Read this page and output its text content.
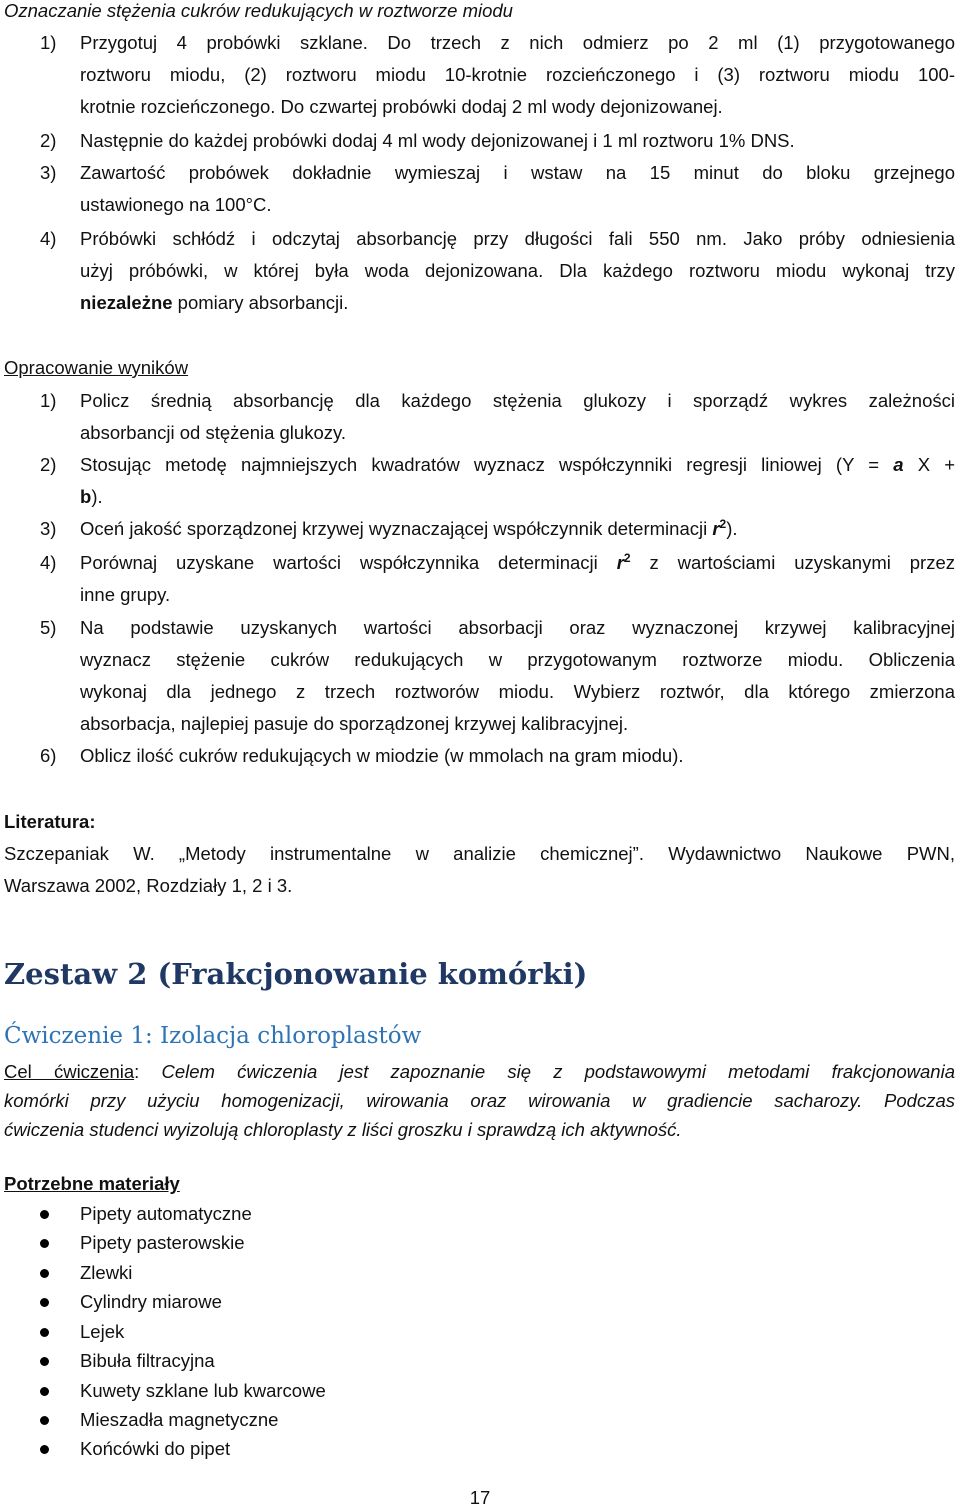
Oznaczanie stężenia cukrów redukujących w roztworze miodu
1) Przygotuj 4 probówki szklane. Do trzech z nich odmierz po 2 ml (1) przygotowanego
roztworu miodu, (2) roztworu miodu 10-krotnie rozcieńczonego i (3) roztworu miodu 100-
krotnie rozcieńczonego. Do czwartej probówki dodaj 2 ml wody dejonizowanej.
2) Następnie do każdej probówki dodaj 4 ml wody dejonizowanej i 1 ml roztworu 1% DNS.
3) Zawartość probówek dokładnie wymieszaj i wstaw na 15 minut do bloku grzejnego
ustawionego na 100°C.
4) Próbówki schłódź i odczytaj absorbancję przy długości fali 550 nm. Jako próby odniesienia
użyj próbówki, w której była woda dejonizowana. Dla każdego roztworu miodu wykonaj trzy
niezależne pomiary absorbancji.
Opracowanie wyników
1) Policz średnią absorbancję dla każdego stężenia glukozy i sporządź wykres zależności
absorbancji od stężenia glukozy.
2) Stosując metodę najmniejszych kwadratów wyznacz współczynniki regresji liniowej (Y = a X +
b).
3) Oceń jakość sporządzonej krzywej wyznaczającej współczynnik determinacji $r^2$).
4) Porównaj uzyskane wartości współczynnika determinacji $r^2$ z wartościami uzyskanymi przez
inne grupy.
5) Na podstawie uzyskanych wartości absorbacji oraz wyznaczonej krzywej kalibracyjnej
wyznacz stężenie cukrów redukujących w przygotowanym roztworze miodu. Obliczenia
wykonaj dla jednego z trzech roztworów miodu. Wybierz roztwór, dla którego zmierzona
absorbacja, najlepiej pasuje do sporządzonej krzywej kalibracyjnej.
6) Oblicz ilość cukrów redukujących w miodzie (w mmolach na gram miodu).
Literatura:
Szczepaniak W. „Metody instrumentalne w analizie chemicznej”. Wydawnictwo Naukowe PWN,
Warszawa 2002, Rozdziały 1, 2 i 3.
Zestaw 2 (Frakcjonowanie komórki)
Ćwiczenie 1: Izolacja chloroplastów
Cel ćwiczenia: Celem ćwiczenia jest zapoznanie się z podstawowymi metodami frakcjonowania
komórki przy użyciu homogenizacji, wirowania oraz wirowania w gradiencie sacharozy. Podczas
ćwiczenia studenci wyizolują chloroplasty z liści groszku i sprawdzą ich aktywność.
Potrzebne materiały
Pipety automatyczne
Pipety pasterowskie
Zlewki
Cylindry miarowe
Lejek
Bibuła filtracyjna
Kuwety szklane lub kwarcowe
Mieszadła magnetyczne
Końcówki do pipet
17
